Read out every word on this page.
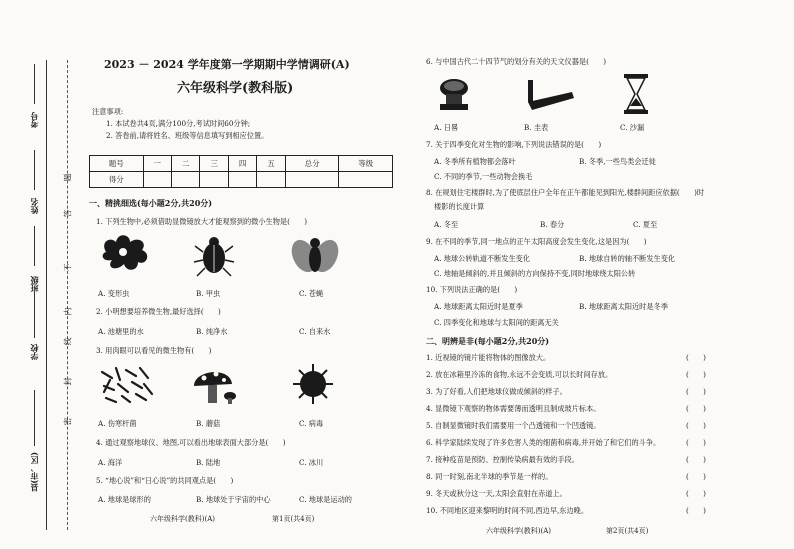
考号
姓名
班级
学校
县(市、区)
题
答
不
内
线
封
密
2023 － 2024 学年度第一学期期中学情调研(A)
六年级科学(教科版)
注意事项:
1. 本试卷共4页,满分100分,考试时间60分钟;
2. 答卷前,请将姓名、班级等信息填写到相应位置。
题号	一	二	三	四	五	总分	等级
得分							
一、精挑细选(每小题2分,共20分)
1. 下列生物中,必须借助显微镜放大才能观察到的微小生物是(　　)
A. 变形虫	B. 甲虫	C. 苍蝇
2. 小明想要培养微生物,最好选择(　　)
A. 池塘里的水	B. 纯净水	C. 自来水
3. 用肉眼可以看见的微生物有(　　)
A. 伤寒杆菌	B. 蘑菇	C. 病毒
4. 通过观察地球仪、地图,可以看出地球表面大部分是(　　)
A. 海洋	B. 陆地	C. 冰川
5. “地心说”和“日心说”的共同观点是(　　)
A. 地球是球形的	B. 地球处于宇宙的中心	C. 地球是运动的
六年级科学(教科)(A)	第1页(共4页)
6. 与中国古代二十四节气的划分有关的天文仪器是(　　)
A. 日晷	B. 圭表	C. 沙漏
7. 关于四季变化对生物的影响,下列说法错误的是(　　)
A. 冬季所有植物都会落叶	B. 冬季,一些鸟类会迁徙
C. 不同的季节,一些动物会换毛
8. 在规划住宅楼群时,为了使底层住户全年在正午都能见到阳光,楼群间距应依据(　　)时
楼影的长度计算
A. 冬至	B. 春分	C. 夏至
9. 在不同的季节,同一地点的正午太阳高度会发生变化,这是因为(　　)
A. 地球公转轨道不断发生变化	B. 地球自转的轴不断发生变化
C. 地轴是倾斜的,并且倾斜的方向保持不变,同时地球绕太阳公转
10. 下列说法正确的是(　　)
A. 地球距离太阳近时是夏季	B. 地球距离太阳近时是冬季
C. 四季变化和地球与太阳间的距离无关
二、明辨是非(每小题2分,共20分)
1. 近视镜的镜片能将物体的图像放大。	(　　)
2. 放在冰箱里冷冻的食物,永远不会变质,可以长时间存放。	(　　)
3. 为了好看,人们把地球仪做成倾斜的样子。	(　　)
4. 显微镜下观察的物体需要薄而透明且制成玻片标本。	(　　)
5. 自制显微镜时我们需要用一个凸透镜和一个凹透镜。	(　　)
6. 科学家陆续发现了许多危害人类的细菌和病毒,并开始了和它们的斗争。	(　　)
7. 接种疫苗是预防、控制传染病最有效的手段。	(　　)
8. 同一时刻,南北半球的季节是一样的。	(　　)
9. 冬天或秋分这一天,太阳会直射在赤道上。	(　　)
10. 不同地区迎来黎明的时间不同,西边早,东边晚。	(　　)
六年级科学(教科)(A)	第2页(共4页)
